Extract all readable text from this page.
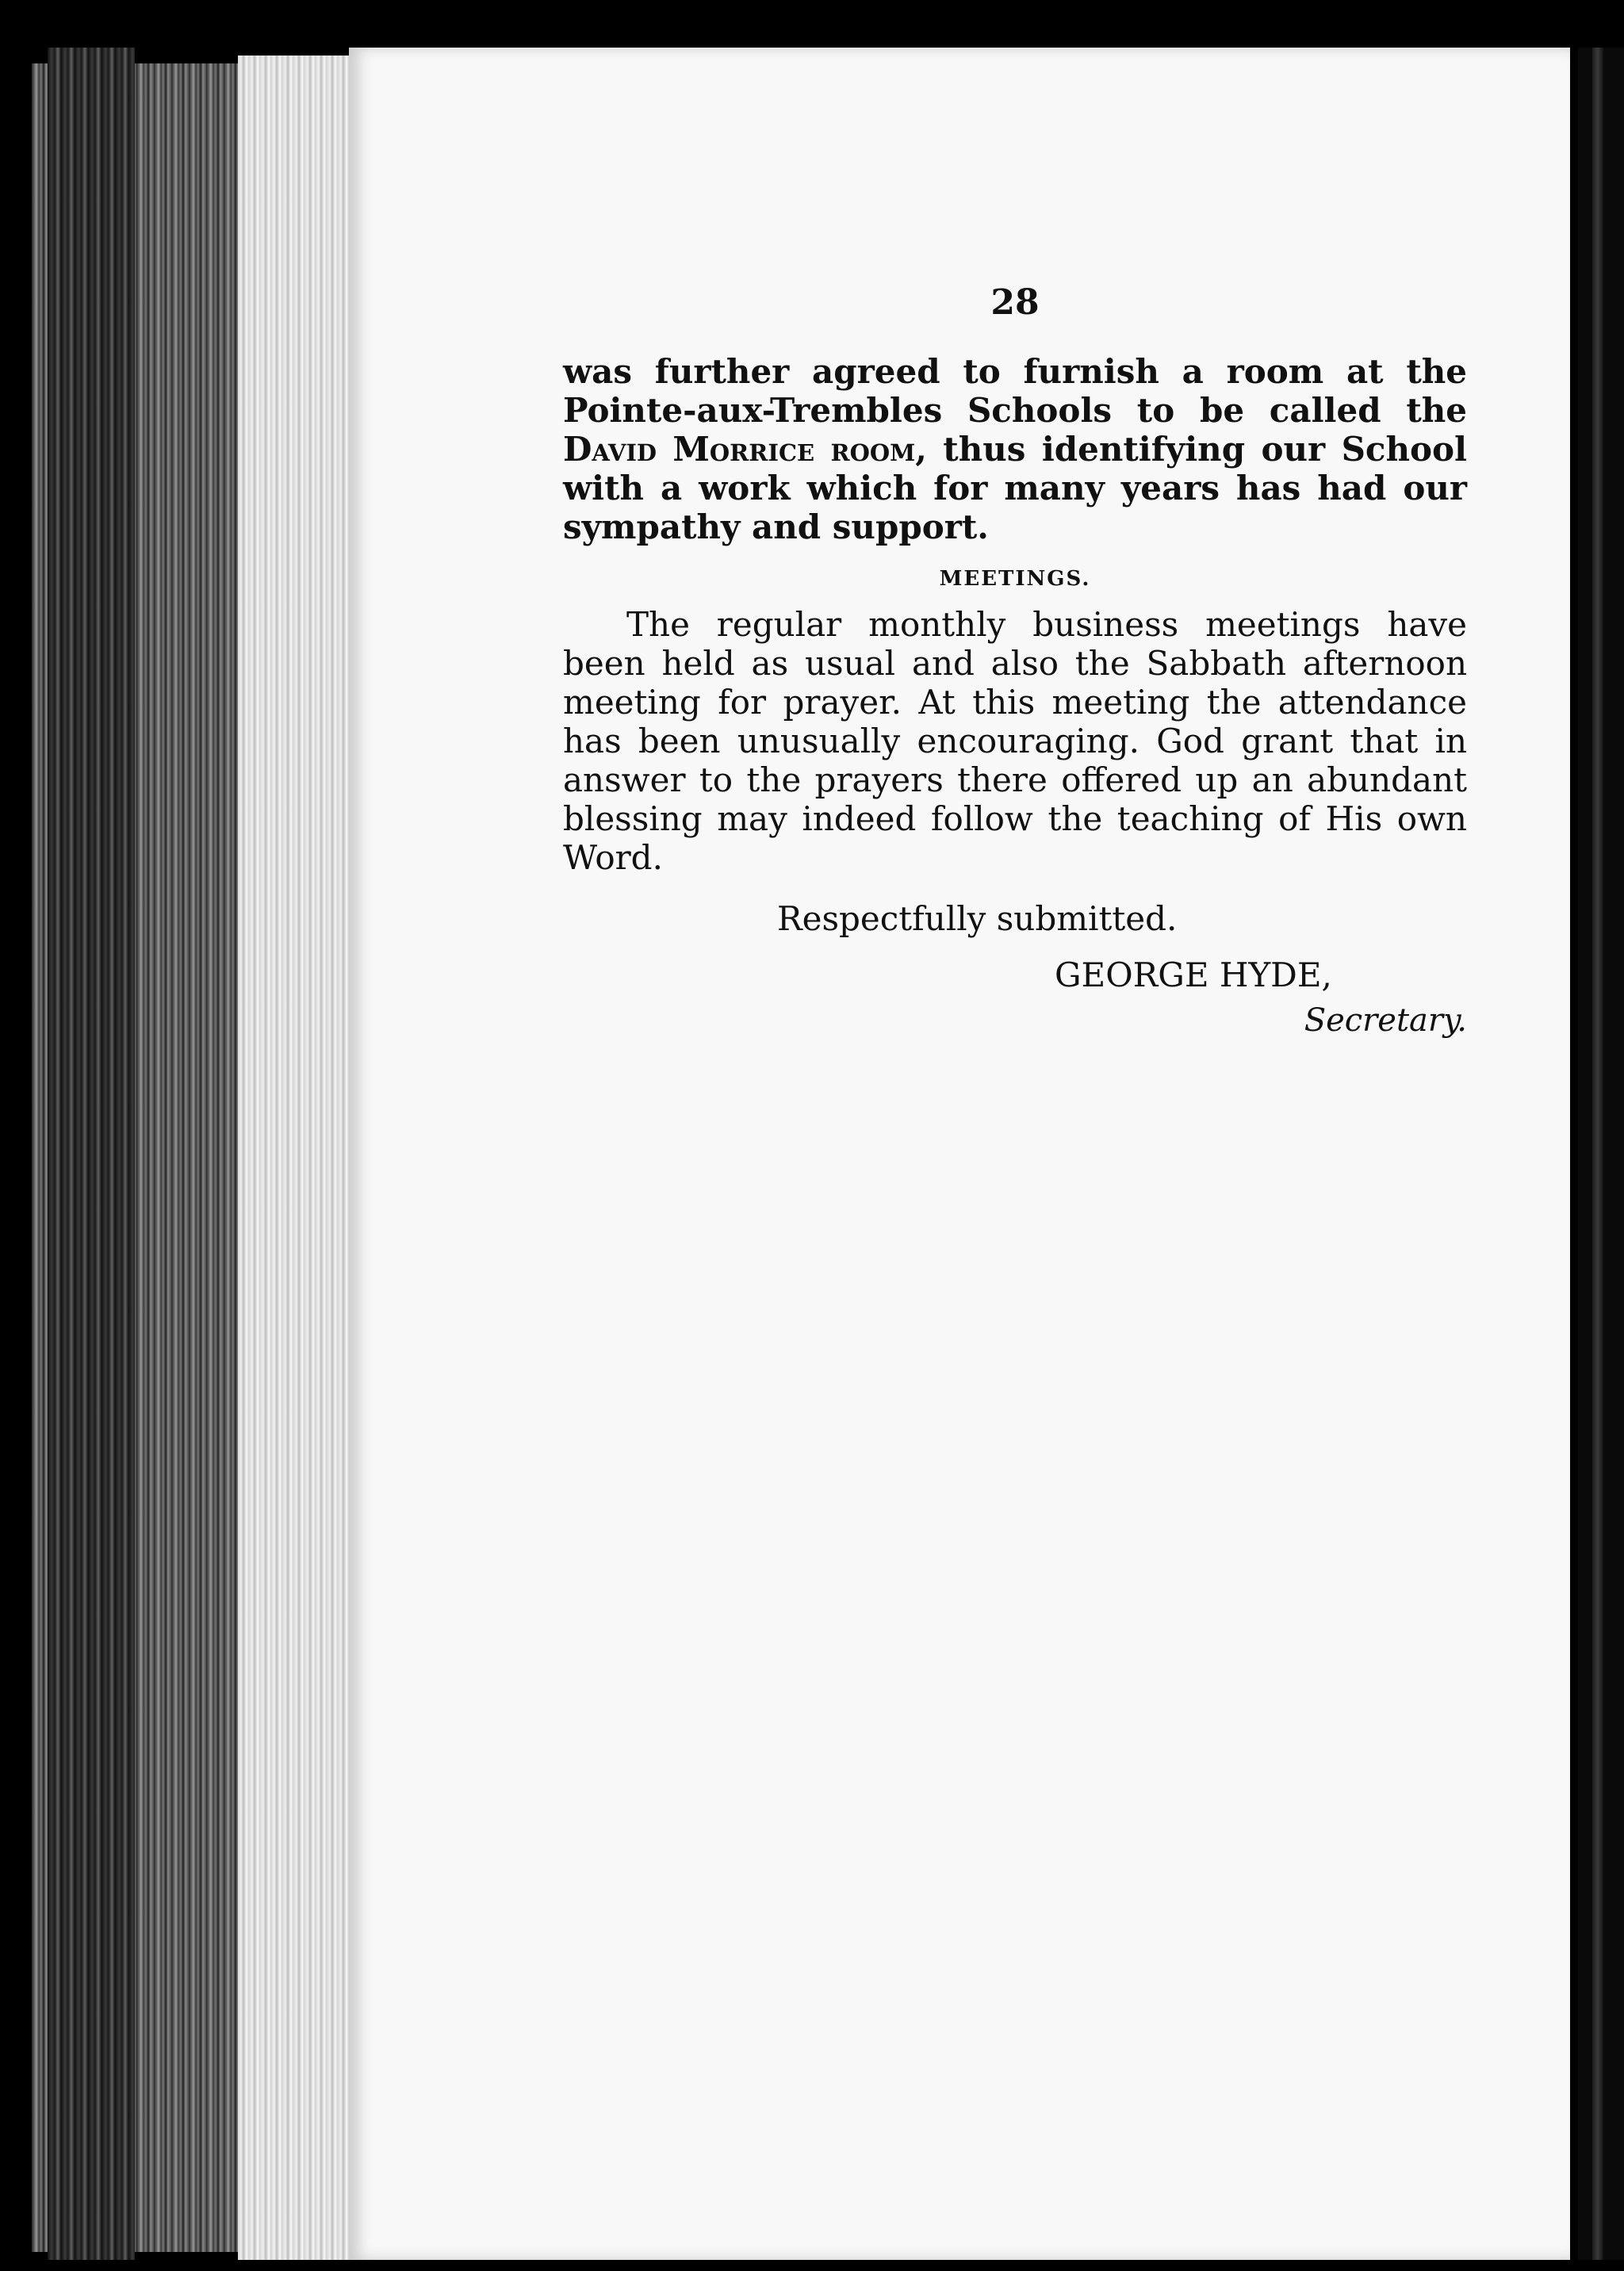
28

was further agreed to furnish a room at the Pointe-aux-Trembles Schools to be called the David Morrice room, thus identifying our School with a work which for many years has had our sympathy and support.

MEETINGS.

The regular monthly business meetings have been held as usual and also the Sabbath afternoon meeting for prayer. At this meeting the attendance has been unusually encouraging. God grant that in answer to the prayers there offered up an abundant blessing may indeed follow the teaching of His own Word.

Respectfully submitted.

GEORGE HYDE,

Secretary.
